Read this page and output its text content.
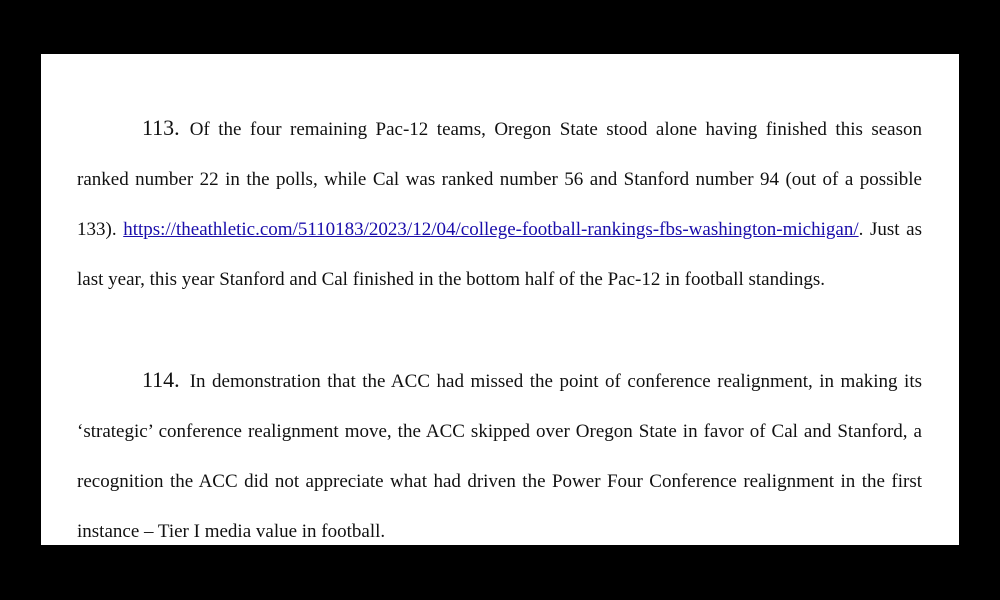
113. Of the four remaining Pac-12 teams, Oregon State stood alone having finished this season ranked number 22 in the polls, while Cal was ranked number 56 and Stanford number 94 (out of a possible 133). https://theathletic.com/5110183/2023/12/04/college-football-rankings-fbs-washington-michigan/. Just as last year, this year Stanford and Cal finished in the bottom half of the Pac-12 in football standings.

114. In demonstration that the ACC had missed the point of conference realignment, in making its ‘strategic’ conference realignment move, the ACC skipped over Oregon State in favor of Cal and Stanford, a recognition the ACC did not appreciate what had driven the Power Four Conference realignment in the first instance – Tier I media value in football.
